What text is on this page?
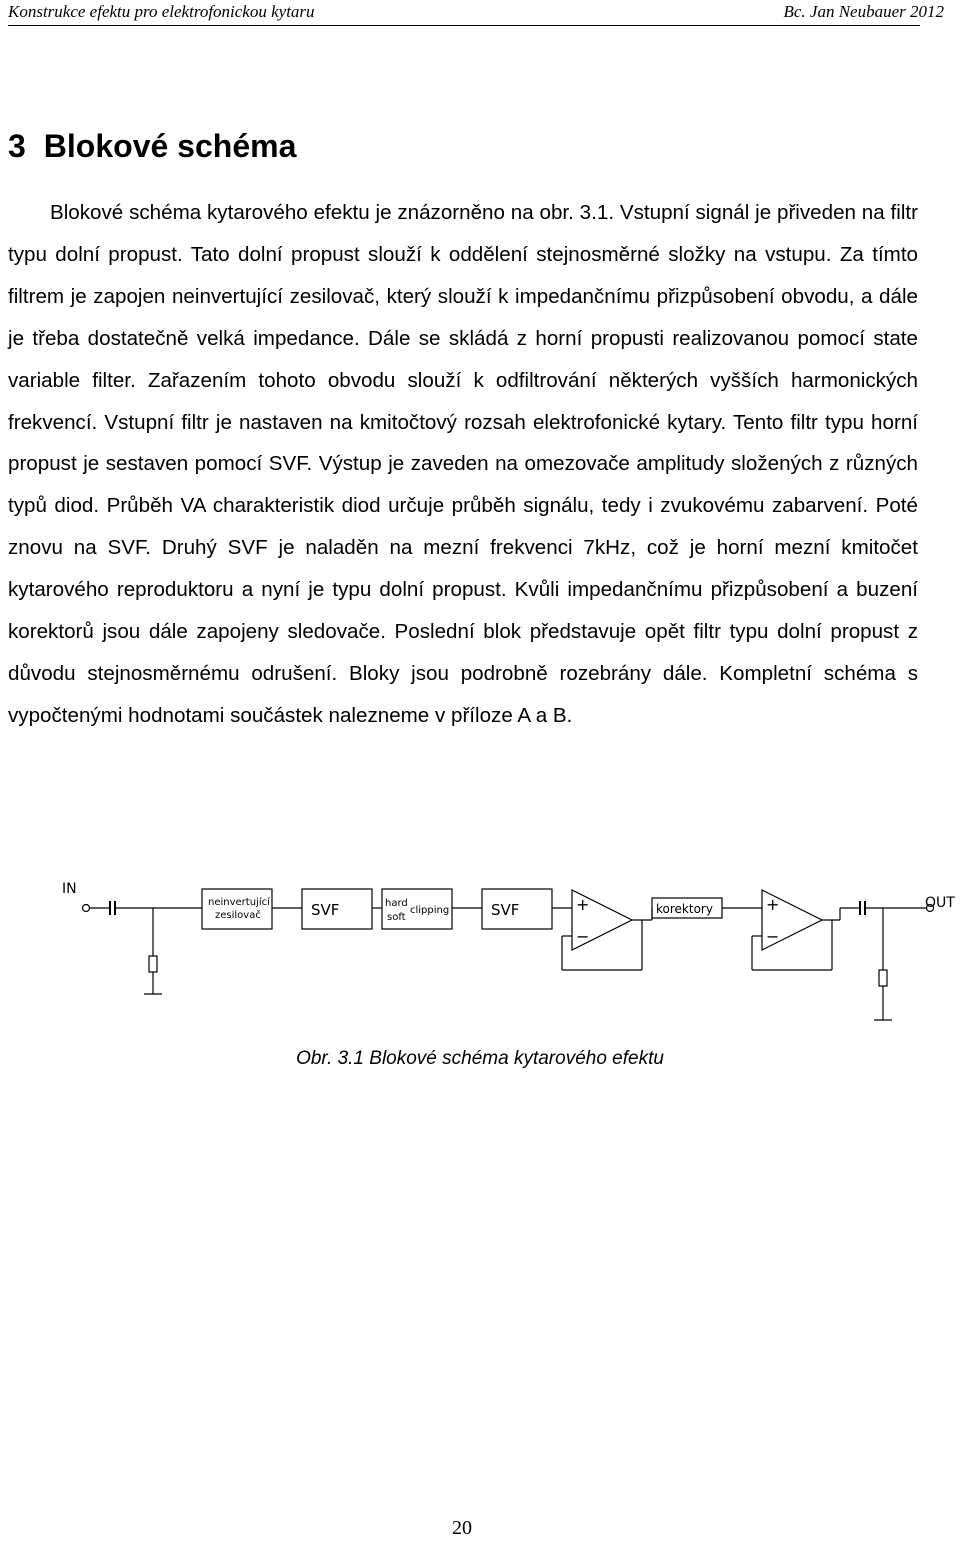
Konstrukce efektu pro elektrofonickou kytaru	Bc. Jan Neubauer 2012
3 Blokové schéma

Blokové schéma kytarového efektu je znázorněno na obr. 3.1. Vstupní signál je přiveden na filtr typu dolní propust. Tato dolní propust slouží k oddělení stejnosměrné složky na vstupu. Za tímto filtrem je zapojen neinvertující zesilovač, který slouží k impedančnímu přizpůsobení obvodu, a dále je třeba dostatečně velká impedance. Dále se skládá z horní propusti realizovanou pomocí state variable filter. Zařazením tohoto obvodu slouží k odfiltrování některých vyšších harmonických frekvencí. Vstupní filtr je nastaven na kmitočtový rozsah elektrofonické kytary. Tento filtr typu horní propust je sestaven pomocí SVF. Výstup je zaveden na omezovače amplitudy složených z různých typů diod. Průběh VA charakteristik diod určuje průběh signálu, tedy i zvukovému zabarvení. Poté znovu na SVF. Druhý SVF je naladěn na mezní frekvenci 7kHz, což je horní mezní kmitočet kytarového reproduktoru a nyní je typu dolní propust. Kvůli impedančnímu přizpůsobení a buzení korektorů jsou dále zapojeny sledovače. Poslední blok představuje opět filtr typu dolní propust z důvodu stejnosměrnému odrušení. Bloky jsou podrobně rozebrány dále. Kompletní schéma s vypočtenými hodnotami součástek nalezneme v příloze A a B.

IN
OUT
neinvertující
zesilovač	SVF	hard
soft
clipping	SVF	korektory
+
−
+
−
Obr. 3.1 Blokové schéma kytarového efektu
20
